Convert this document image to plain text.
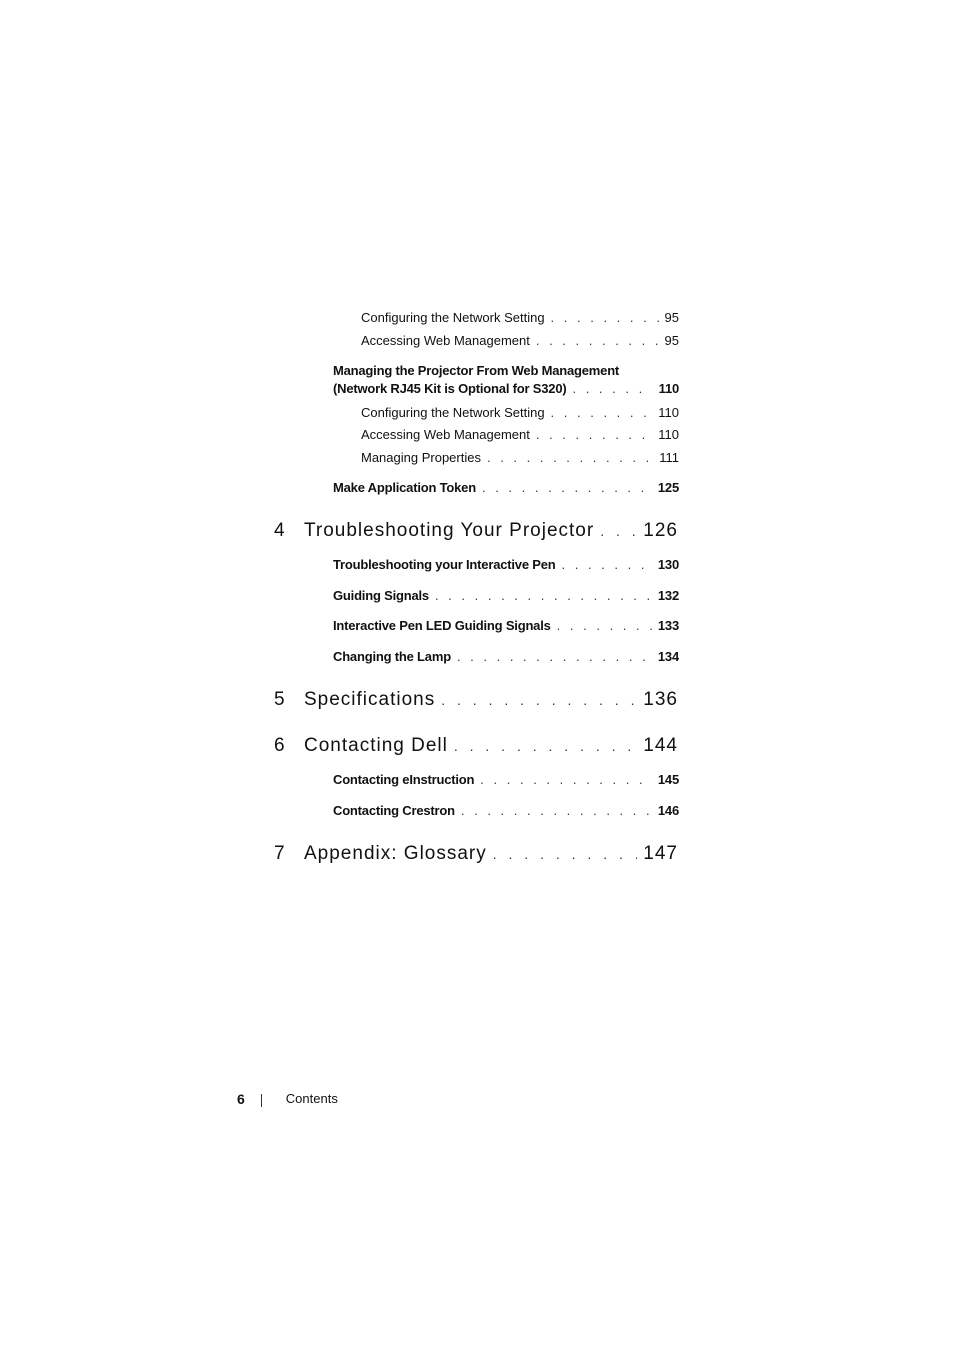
Configuring the Network Setting . . .	95
Accessing Web Management . . .	95
Managing the Projector From Web Management
(Network RJ45 Kit is Optional for S320) . . .	110
Configuring the Network Setting . . .	110
Accessing Web Management . . .	110
Managing Properties . . .	111
Make Application Token . . .	125
4 Troubleshooting Your Projector . . .	126
Troubleshooting your Interactive Pen . . .	130
Guiding Signals . . .	132
Interactive Pen LED Guiding Signals . . .	133
Changing the Lamp . . .	134
5 Specifications . . .	136
6 Contacting Dell . . .	144
Contacting eInstruction . . .	145
Contacting Crestron . . .	146
7 Appendix: Glossary . . .	147
6	Contents
